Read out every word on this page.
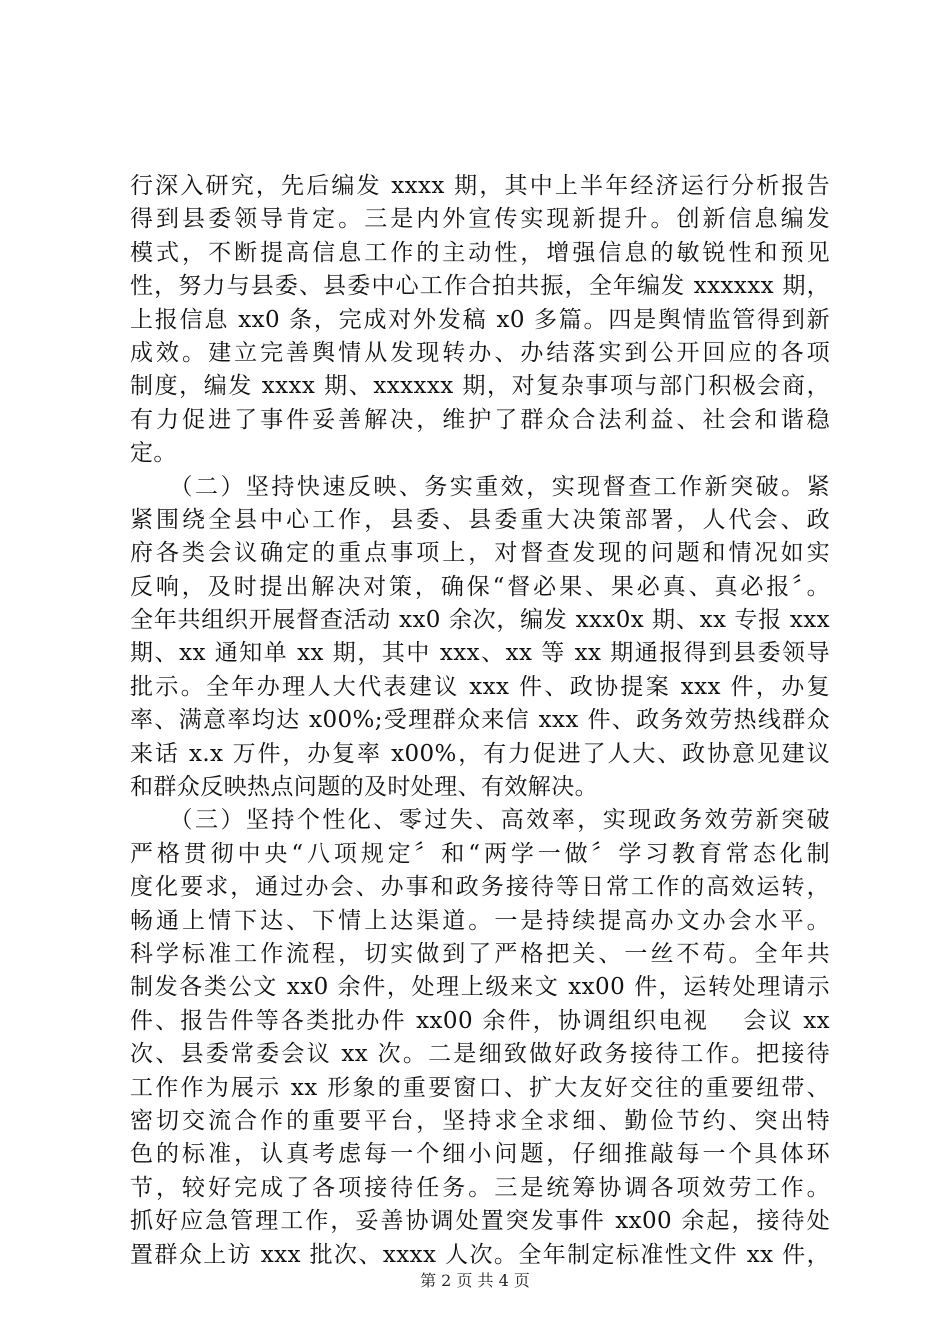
行深入研究，先后编发 xxxx 期，其中上半年经济运行分析报告
得到县委领导肯定。三是内外宣传实现新提升。创新信息编发
模式，不断提高信息工作的主动性，增强信息的敏锐性和预见
性，努力与县委、县委中心工作合拍共振，全年编发 xxxxxx 期，
上报信息 xx0 条，完成对外发稿 x0 多篇。四是舆情监管得到新
成效。建立完善舆情从发现转办、办结落实到公开回应的各项
制度，编发 xxxx 期、xxxxxx 期，对复杂事项与部门积极会商，
有力促进了事件妥善解决，维护了群众合法利益、社会和谐稳
定。
　　（二）坚持快速反映、务实重效，实现督查工作新突破。紧
紧围绕全县中心工作，县委、县委重大决策部署，人代会、政
府各类会议确定的重点事项上，对督查发现的问题和情况如实
反响，及时提出解决对策，确保“督必果、果必真、真必报〞。
全年共组织开展督查活动 xx0 余次，编发 xxx0x 期、xx 专报 xxx
期、xx 通知单 xx 期，其中 xxx、xx 等 xx 期通报得到县委领导
批示。全年办理人大代表建议 xxx 件、政协提案 xxx 件，办复
率、满意率均达 x00%;受理群众来信 xxx 件、政务效劳热线群众
来话 x.x 万件，办复率 x00%，有力促进了人大、政协意见建议
和群众反映热点问题的及时处理、有效解决。
　　（三）坚持个性化、零过失、高效率，实现政务效劳新突破
严格贯彻中央“八项规定〞和“两学一做〞学习教育常态化制
度化要求，通过办会、办事和政务接待等日常工作的高效运转，
畅通上情下达、下情上达渠道。一是持续提高办文办会水平。
科学标准工作流程，切实做到了严格把关、一丝不苟。全年共
制发各类公文 xx0 余件，处理上级来文 xx00 件，运转处理请示
件、报告件等各类批办件 xx00 余件，协调组织电视　 会议 xx
次、县委常委会议 xx 次。二是细致做好政务接待工作。把接待
工作作为展示 xx 形象的重要窗口、扩大友好交往的重要纽带、
密切交流合作的重要平台，坚持求全求细、勤俭节约、突出特
色的标准，认真考虑每一个细小问题，仔细推敲每一个具体环
节，较好完成了各项接待任务。三是统筹协调各项效劳工作。
抓好应急管理工作，妥善协调处置突发事件 xx00 余起，接待处
置群众上访 xxx 批次、xxxx 人次。全年制定标准性文件 xx 件，
第 2 页 共 4 页
